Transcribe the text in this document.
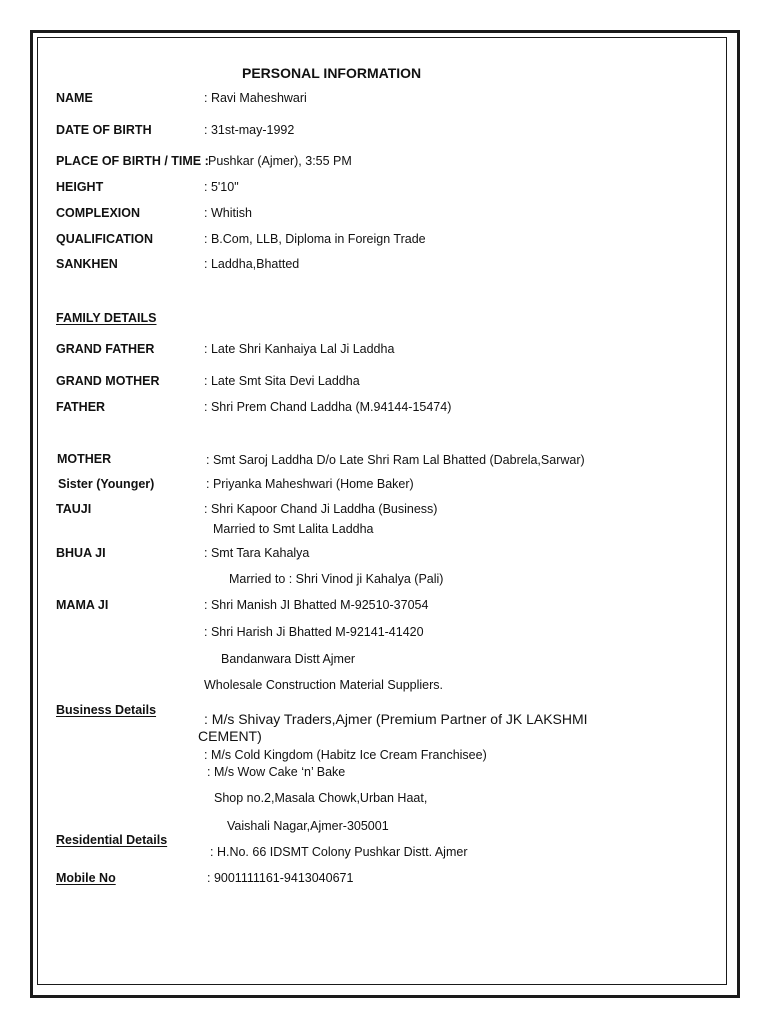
PERSONAL INFORMATION
NAME	: Ravi Maheshwari
DATE OF BIRTH	: 31st-may-1992
PLACE OF BIRTH / TIME : Pushkar (Ajmer), 3:55 PM
HEIGHT	: 5'10"
COMPLEXION	: Whitish
QUALIFICATION	: B.Com, LLB, Diploma in Foreign Trade
SANKHEN	: Laddha,Bhatted
FAMILY DETAILS
GRAND FATHER	: Late Shri Kanhaiya Lal Ji Laddha
GRAND MOTHER	: Late Smt Sita Devi Laddha
FATHER	: Shri Prem Chand Laddha (M.94144-15474)
MOTHER	: Smt Saroj Laddha D/o Late Shri Ram Lal Bhatted (Dabrela,Sarwar)
Sister (Younger)	: Priyanka Maheshwari (Home Baker)
TAUJI	: Shri Kapoor Chand Ji Laddha (Business)
Married to Smt Lalita Laddha
BHUA JI	: Smt Tara Kahalya
Married to : Shri Vinod ji Kahalya (Pali)
MAMA JI	: Shri Manish JI Bhatted M-92510-37054
: Shri Harish Ji Bhatted M-92141-41420
Bandanwara Distt Ajmer
Wholesale Construction Material Suppliers.
Business Details
: M/s Shivay Traders,Ajmer (Premium Partner of JK LAKSHMI
CEMENT)
: M/s Cold Kingdom (Habitz Ice Cream Franchisee)
: M/s Wow Cake ‘n’ Bake
Shop no.2,Masala Chowk,Urban Haat,
Vaishali Nagar,Ajmer-305001
Residential Details
: H.No. 66 IDSMT Colony Pushkar Distt. Ajmer
Mobile No	: 9001111161-9413040671
